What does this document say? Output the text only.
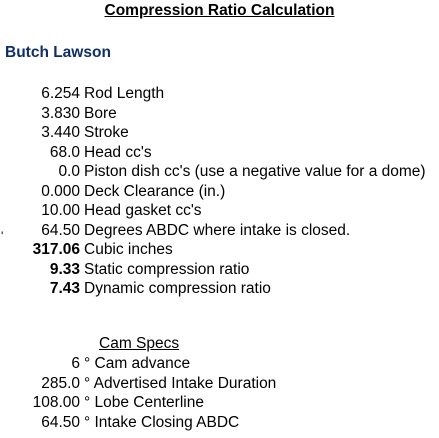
Compression Ratio Calculation
Butch Lawson
6.254 Rod Length
3.830 Bore
3.440 Stroke
68.0 Head cc's
0.0 Piston dish cc's (use a negative value for a dome)
0.000 Deck Clearance (in.)
10.00 Head gasket cc's
64.50 Degrees ABDC where intake is closed.
317.06 Cubic inches
9.33 Static compression ratio
7.43 Dynamic compression ratio
'
Cam Specs
6 ° Cam advance
285.0 ° Advertised Intake Duration
108.00 ° Lobe Centerline
64.50 ° Intake Closing ABDC
